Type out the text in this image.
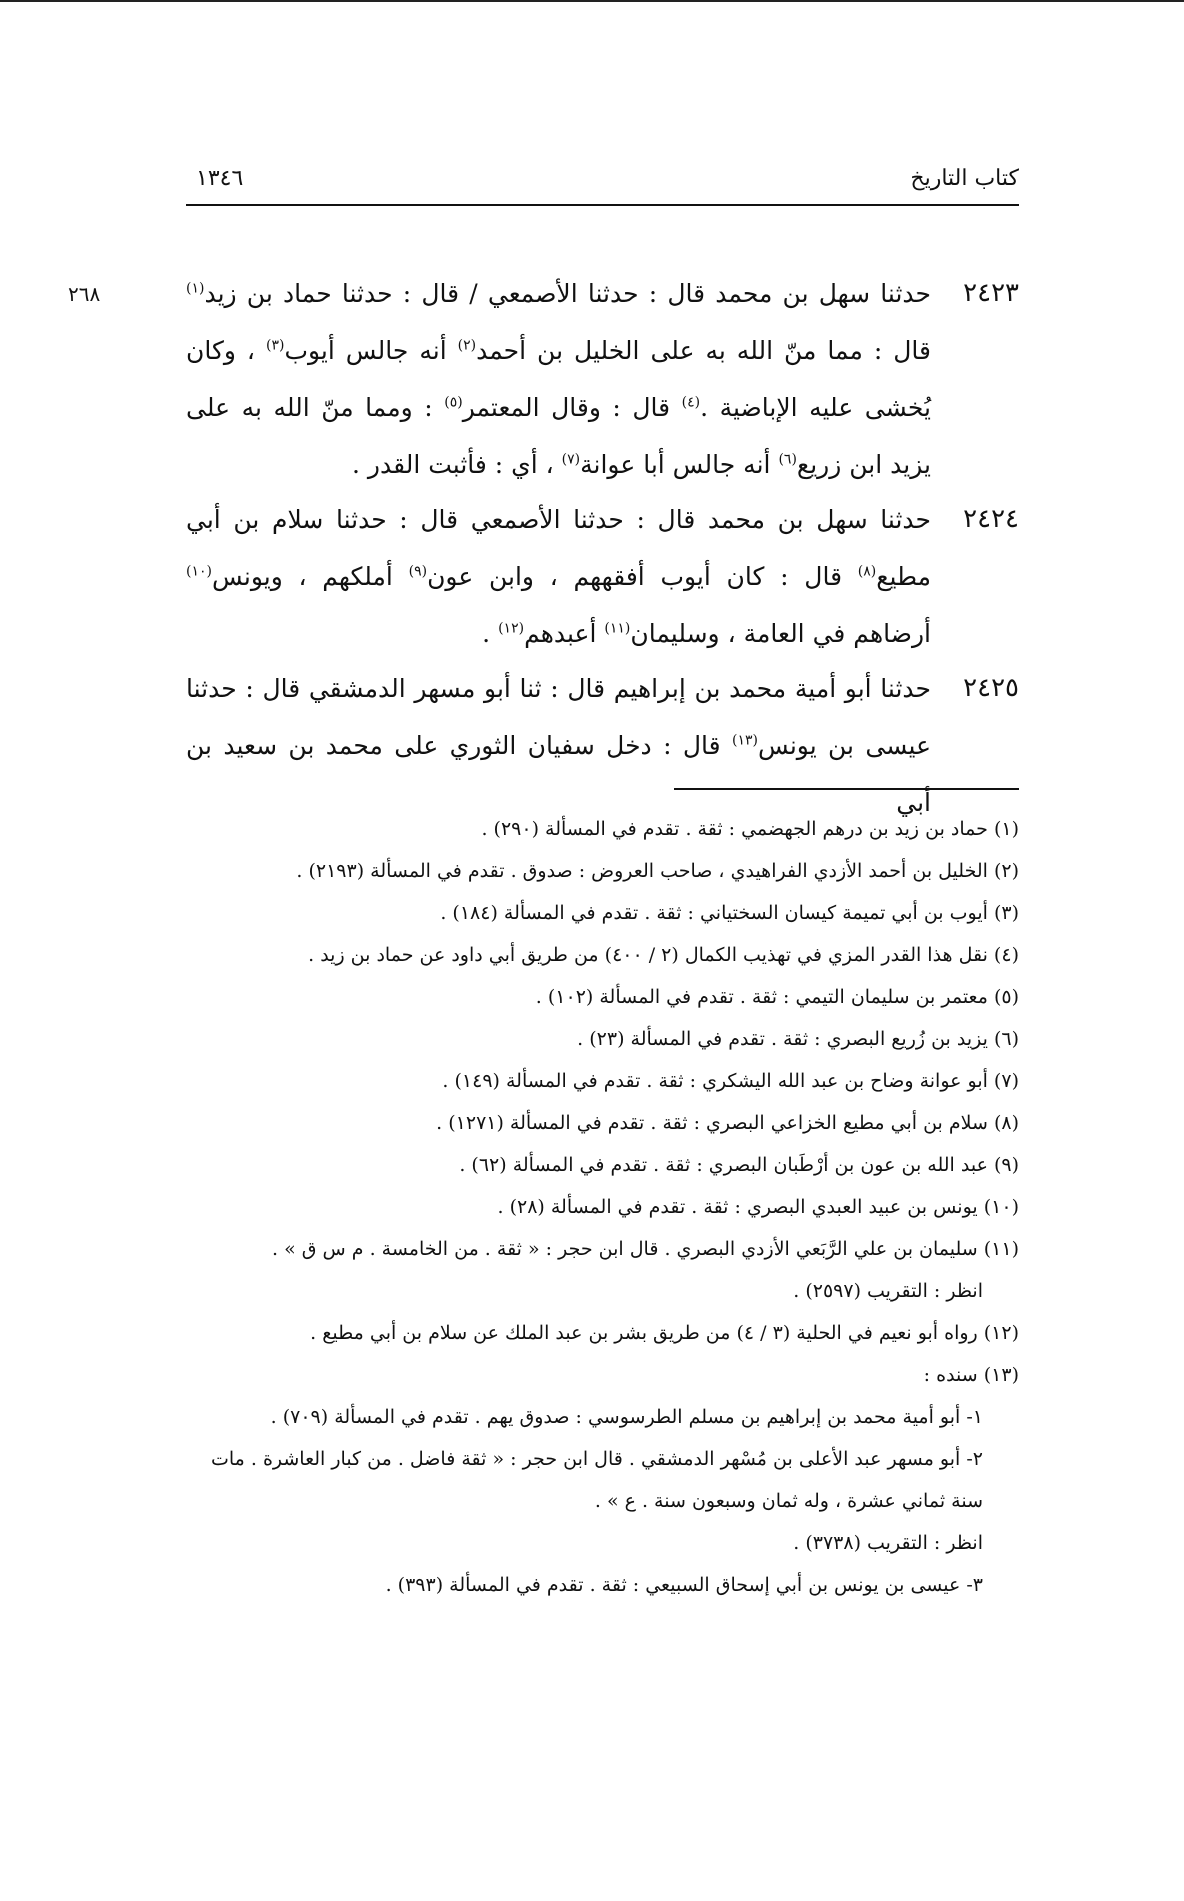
٢٦٨
كتاب التاريخ
١٣٤٦
٢٤٢٣

حدثنا سهل بن محمد قال : حدثنا الأصمعي / قال : حدثنا حماد بن زيد$^{(١)}$ قال : مما منّ الله به على الخليل بن أحمد$^{(٢)}$ أنه جالس أيوب$^{(٣)}$ ، وكان يُخشى عليه الإباضية .$^{(٤)}$ قال : وقال المعتمر$^{(٥)}$ : ومما منّ الله به على يزيد ابن زريع$^{(٦)}$ أنه جالس أبا عوانة$^{(٧)}$ ، أي : فأثبت القدر .

٢٤٢٤

حدثنا سهل بن محمد قال : حدثنا الأصمعي قال : حدثنا سلام بن أبي مطيع$^{(٨)}$ قال : كان أيوب أفقههم ، وابن عون$^{(٩)}$ أملكهم ، ويونس$^{(١٠)}$ أرضاهم في العامة ، وسليمان$^{(١١)}$ أعبدهم$^{(١٢)}$ .

٢٤٢٥

حدثنا أبو أمية محمد بن إبراهيم قال : ثنا أبو مسهر الدمشقي قال : حدثنا عيسى بن يونس$^{(١٣)}$ قال : دخل سفيان الثوري على محمد بن سعيد بن أبي

(١) حماد بن زيد بن درهم الجهضمي : ثقة . تقدم في المسألة (٢٩٠) .

(٢) الخليل بن أحمد الأزدي الفراهيدي ، صاحب العروض : صدوق . تقدم في المسألة (٢١٩٣) .

(٣) أيوب بن أبي تميمة كيسان السختياني : ثقة . تقدم في المسألة (١٨٤) .

(٤) نقل هذا القدر المزي في تهذيب الكمال (٢ / ٤٠٠) من طريق أبي داود عن حماد بن زيد .

(٥) معتمر بن سليمان التيمي : ثقة . تقدم في المسألة (١٠٢) .

(٦) يزيد بن زُريع البصري : ثقة . تقدم في المسألة (٢٣) .

(٧) أبو عوانة وضاح بن عبد الله اليشكري : ثقة . تقدم في المسألة (١٤٩) .

(٨) سلام بن أبي مطيع الخزاعي البصري : ثقة . تقدم في المسألة (١٢٧١) .

(٩) عبد الله بن عون بن أرْطَبان البصري : ثقة . تقدم في المسألة (٦٢) .

(١٠) يونس بن عبيد العبدي البصري : ثقة . تقدم في المسألة (٢٨) .

(١١) سليمان بن علي الرَّبَعي الأزدي البصري . قال ابن حجر : « ثقة . من الخامسة . م س ق » .

انظر : التقريب (٢٥٩٧) .

(١٢) رواه أبو نعيم في الحلية (٣ / ٤) من طريق بشر بن عبد الملك عن سلام بن أبي مطيع .

(١٣) سنده :

١- أبو أمية محمد بن إبراهيم بن مسلم الطرسوسي : صدوق يهم . تقدم في المسألة (٧٠٩) .

٢- أبو مسهر عبد الأعلى بن مُسْهر الدمشقي . قال ابن حجر : « ثقة فاضل . من كبار العاشرة . مات

سنة ثماني عشرة ، وله ثمان وسبعون سنة . ع » .

انظر : التقريب (٣٧٣٨) .

٣- عيسى بن يونس بن أبي إسحاق السبيعي : ثقة . تقدم في المسألة (٣٩٣) .
